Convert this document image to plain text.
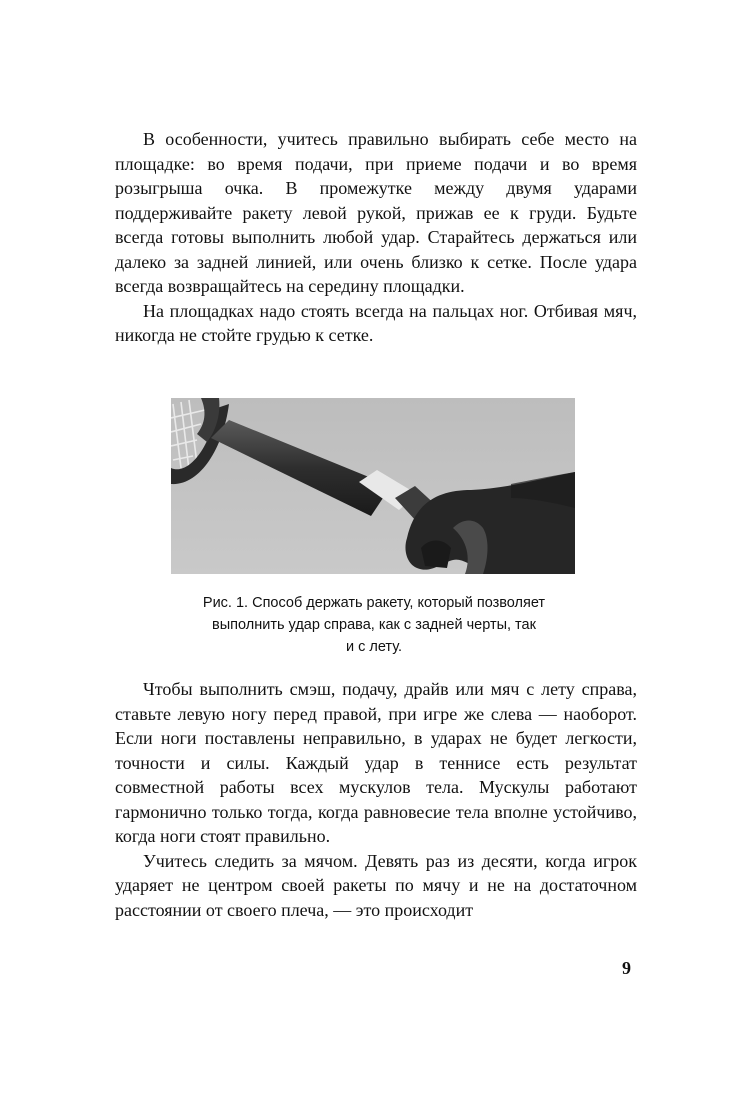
В особенности, учитесь правильно выбирать себе место на площадке: во время подачи, при приеме подачи и во время розыгрыша очка. В промежутке между двумя ударами поддерживайте ракету левой рукой, прижав ее к груди. Будьте всегда готовы выполнить любой удар. Старайтесь держаться или далеко за задней линией, или очень близко к сетке. После удара всегда возвращайтесь на середину площадки.

На площадках надо стоять всегда на пальцах ног. Отбивая мяч, никогда не стойте грудью к сетке.

Рис. 1. Способ держать ракету, который позволяет
выполнить удар справа, как с задней черты, так
и с лету.

Чтобы выполнить смэш, подачу, драйв или мяч с лету справа, ставьте левую ногу перед правой, при игре же слева — наоборот. Если ноги поставлены неправильно, в ударах не будет легкости, точности и силы. Каждый удар в теннисе есть результат совместной работы всех мускулов тела. Мускулы работают гармонично только тогда, когда равновесие тела вполне устойчиво, когда ноги стоят правильно.

Учитесь следить за мячом. Девять раз из десяти, когда игрок ударяет не центром своей ракеты по мячу и не на достаточном расстоянии от своего плеча, — это происходит

9
